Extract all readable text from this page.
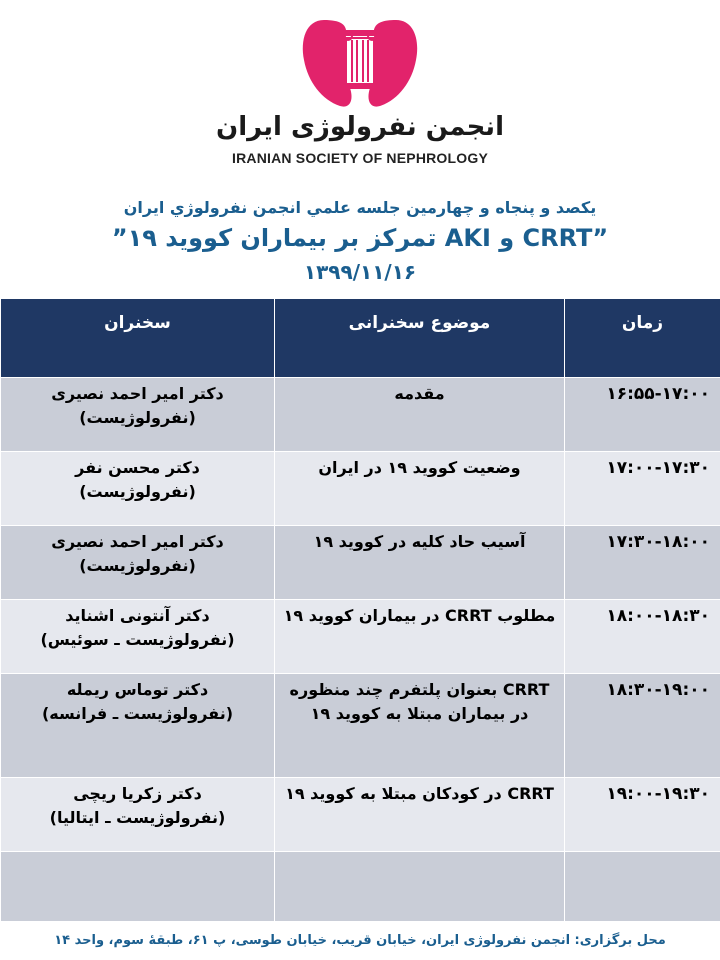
انجمن نفرولوژی ایران
IRANIAN SOCIETY OF NEPHROLOGY
يكصد و پنجاه و چهارمين جلسه علمي انجمن نفرولوژي ايران
”CRRT و AKI تمرکز بر بیماران کووید ۱۹”
۱۳۹۹/۱۱/۱۶
زمان	موضوع سخنرانی	سخنران
۱۶:۵۵-۱۷:۰۰	مقدمه	دکتر امیر احمد نصیری
(نفرولوژیست)

۱۷:۰۰-۱۷:۳۰	وضعیت کووید ۱۹ در ایران	دکتر محسن نفر
(نفرولوژیست)

۱۷:۳۰-۱۸:۰۰	آسیب حاد کلیه در کووید ۱۹	دکتر امیر احمد نصیری
(نفرولوژیست)

۱۸:۰۰-۱۸:۳۰	مطلوب CRRT در بیماران کووید ۱۹	دکتر آنتونی اشناید
(نفرولوژیست ـ سوئیس)

۱۸:۳۰-۱۹:۰۰	CRRT بعنوان پلتفرم چند منظوره در بیماران مبتلا به کووید ۱۹	دکتر توماس ریمله
(نفرولوژیست ـ فرانسه)

۱۹:۰۰-۱۹:۳۰	CRRT در کودکان مبتلا به کووید ۱۹	دکتر زکریا ریچی
(نفرولوژیست ـ ایتالیا)

محل برگزاری: انجمن نفرولوژی ایران، خیابان قریب، خیابان طوسی، پ ۶۱، طبقۀ سوم، واحد ۱۴
